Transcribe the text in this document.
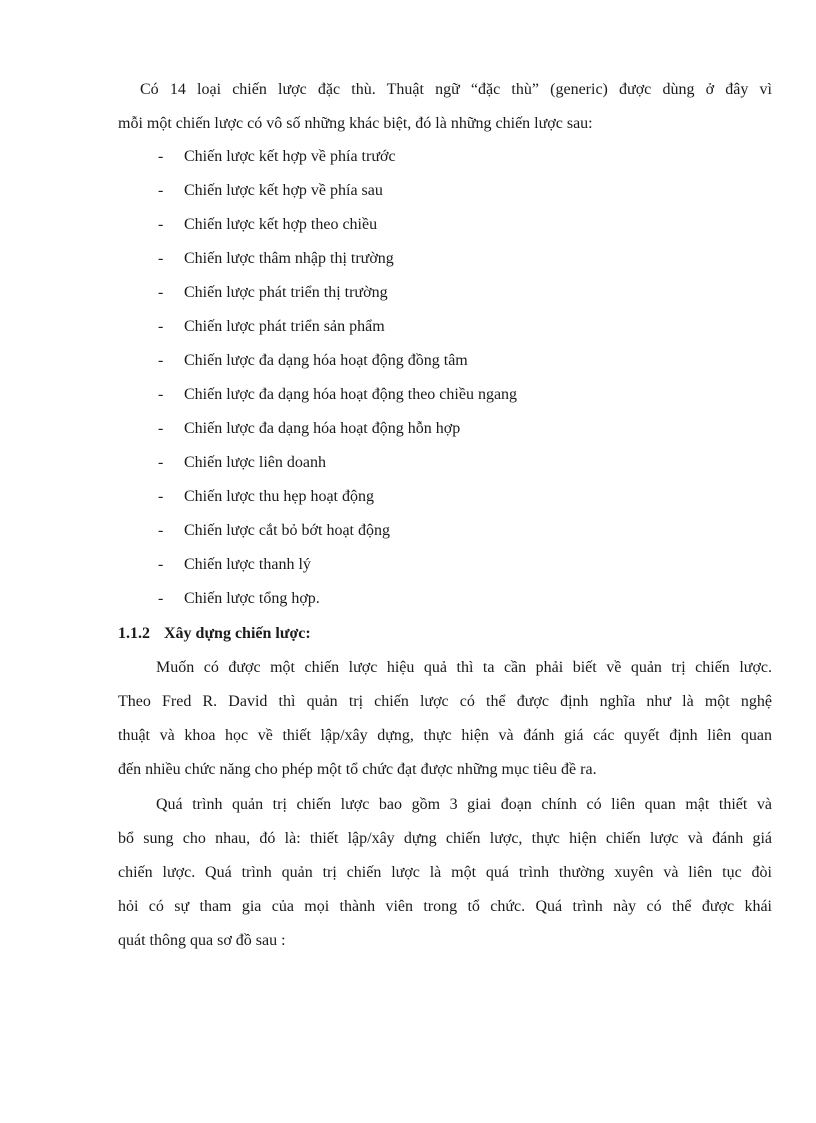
Có 14 loại chiến lược đặc thù. Thuật ngữ “đặc thù” (generic) được dùng ở đây vì
mỗi một chiến lược có vô số những khác biệt, đó là những chiến lược sau:
- Chiến lược kết hợp về phía trước
- Chiến lược kết hợp về phía sau
- Chiến lược kết hợp theo chiều
- Chiến lược thâm nhập thị trường
- Chiến lược phát triển thị trường
- Chiến lược phát triển sản phẩm
- Chiến lược đa dạng hóa hoạt động đồng tâm
- Chiến lược đa dạng hóa hoạt động theo chiều ngang
- Chiến lược đa dạng hóa hoạt động hỗn hợp
- Chiến lược liên doanh
- Chiến lược thu hẹp hoạt động
- Chiến lược cắt bỏ bớt hoạt động
- Chiến lược thanh lý
- Chiến lược tổng hợp.
1.1.2 Xây dựng chiến lược:
Muốn có được một chiến lược hiệu quả thì ta cần phải biết về quản trị chiến lược.
Theo Fred R. David thì quản trị chiến lược có thể được định nghĩa như là một nghệ
thuật và khoa học về thiết lập/xây dựng, thực hiện và đánh giá các quyết định liên quan
đến nhiều chức năng cho phép một tổ chức đạt được những mục tiêu đề ra.
Quá trình quản trị chiến lược bao gồm 3 giai đoạn chính có liên quan mật thiết và
bổ sung cho nhau, đó là: thiết lập/xây dựng chiến lược, thực hiện chiến lược và đánh giá
chiến lược. Quá trình quản trị chiến lược là một quá trình thường xuyên và liên tục đòi
hỏi có sự tham gia của mọi thành viên trong tổ chức. Quá trình này có thể được khái
quát thông qua sơ đồ sau :
